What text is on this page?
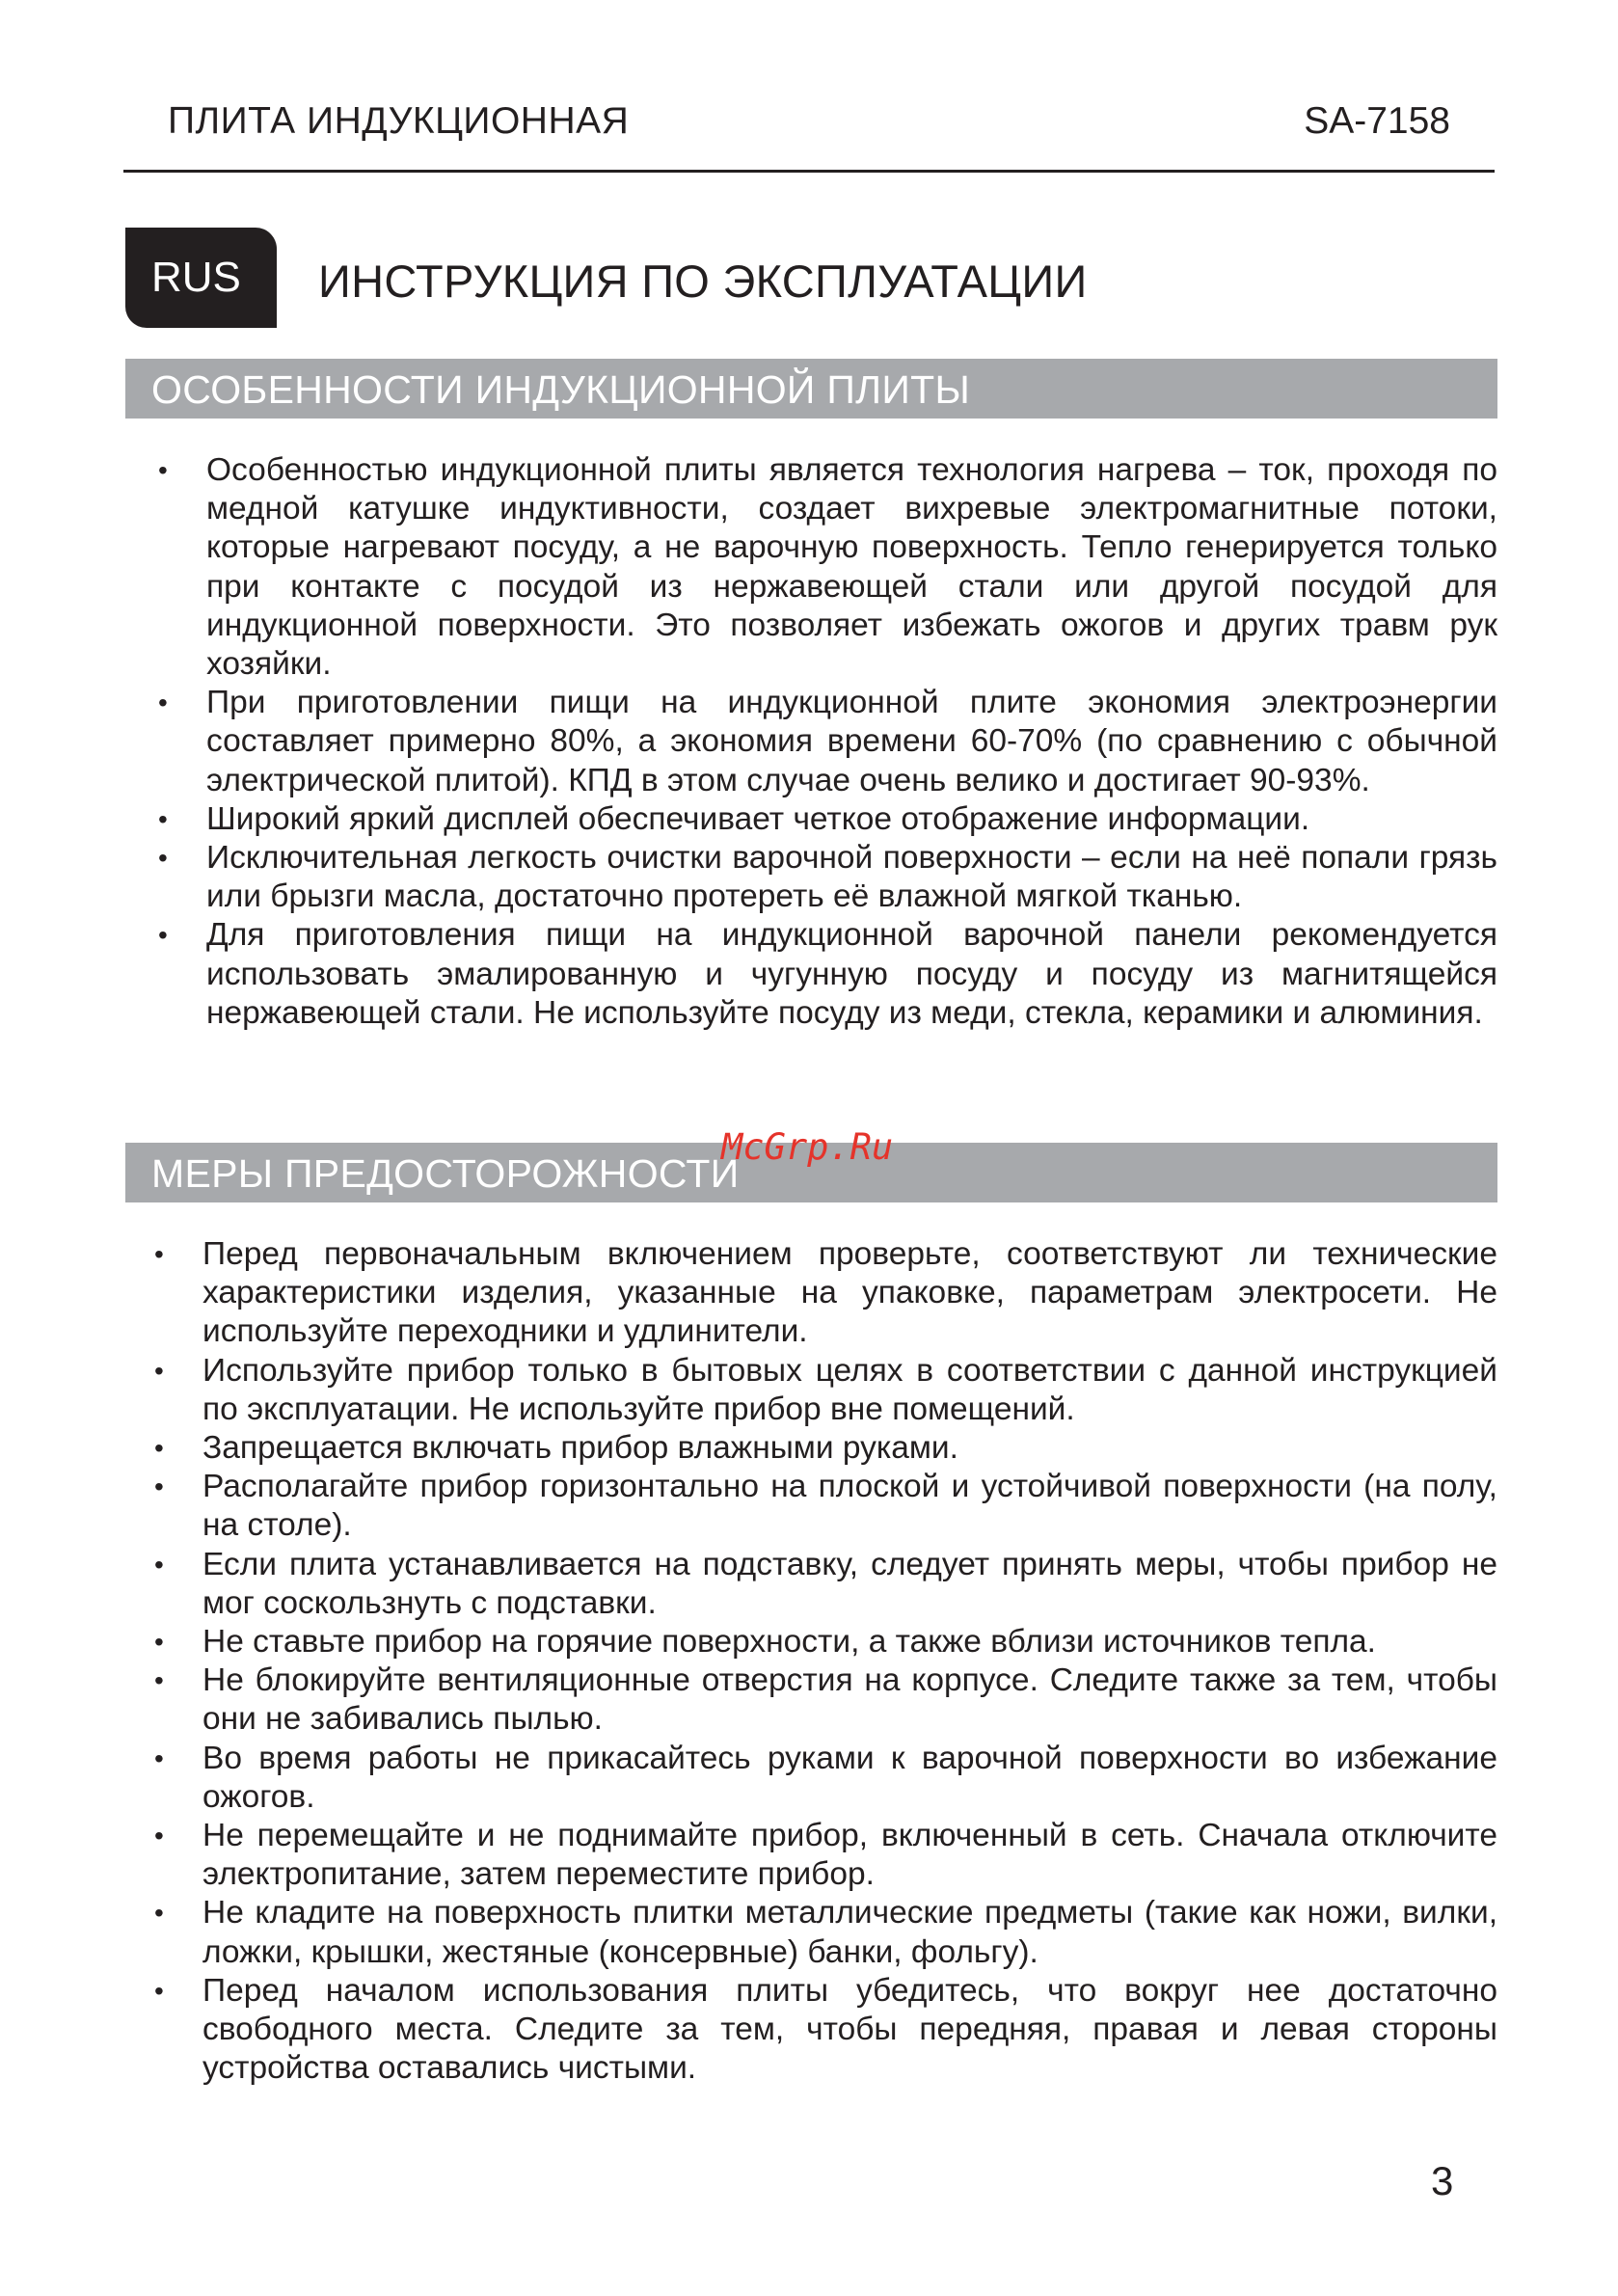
ПЛИТА ИНДУКЦИОННАЯ	SA-7158
RUS	ИНСТРУКЦИЯ ПО ЭКСПЛУАТАЦИИ
ОСОБЕННОСТИ ИНДУКЦИОННОЙ ПЛИТЫ
• Особенностью индукционной плиты является технология нагрева – ток, проходя по медной катушке индуктивности, создает вихревые электромагнитные потоки, которые нагревают посуду, а не варочную поверхность. Тепло генерируется только при контакте с посудой из нержавеющей стали или другой посудой для индукционной поверхности. Это позволяет избежать ожогов и других травм рук хозяйки.
• При приготовлении пищи на индукционной плите экономия электроэнергии составляет примерно 80%, а экономия времени 60-70% (по сравнению с обычной электрической плитой). КПД в этом случае очень велико и достигает 90-93%.
• Широкий яркий дисплей обеспечивает четкое отображение информации.
• Исключительная легкость очистки варочной поверхности – если на неё попали грязь или брызги масла, достаточно протереть её влажной мягкой тканью.
• Для приготовления пищи на индукционной варочной панели рекомендуется использовать эмалированную и чугунную посуду и посуду из магнитящейся нержавеющей стали. Не используйте посуду из меди, стекла, керамики и алюминия.
МЕРЫ ПРЕДОСТОРОЖНОСТИ
• Перед первоначальным включением проверьте, соответствуют ли технические характеристики изделия, указанные на упаковке, параметрам электросети. Не используйте переходники и удлинители.
• Используйте прибор только в бытовых целях в соответствии с данной инструкцией по эксплуатации. Не используйте прибор вне помещений.
• Запрещается включать прибор влажными руками.
• Располагайте прибор горизонтально на плоской и устойчивой поверхности (на полу, на столе).
• Если плита устанавливается на подставку, следует принять меры, чтобы прибор не мог соскользнуть с подставки.
• Не ставьте прибор на горячие поверхности, а также вблизи источников тепла.
• Не блокируйте вентиляционные отверстия на корпусе. Следите также за тем, чтобы они не забивались пылью.
• Во время работы не прикасайтесь руками к варочной поверхности во избежание ожогов.
• Не перемещайте и не поднимайте прибор, включенный в сеть. Сначала отключите электропитание, затем переместите прибор.
• Не кладите на поверхность плитки металлические предметы (такие как ножи, вилки, ложки, крышки, жестяные (консервные) банки, фольгу).
• Перед началом использования плиты убедитесь, что вокруг нее достаточно свободного места. Следите за тем, чтобы передняя, правая и левая стороны устройства оставались чистыми.
McGrp.Ru
3
